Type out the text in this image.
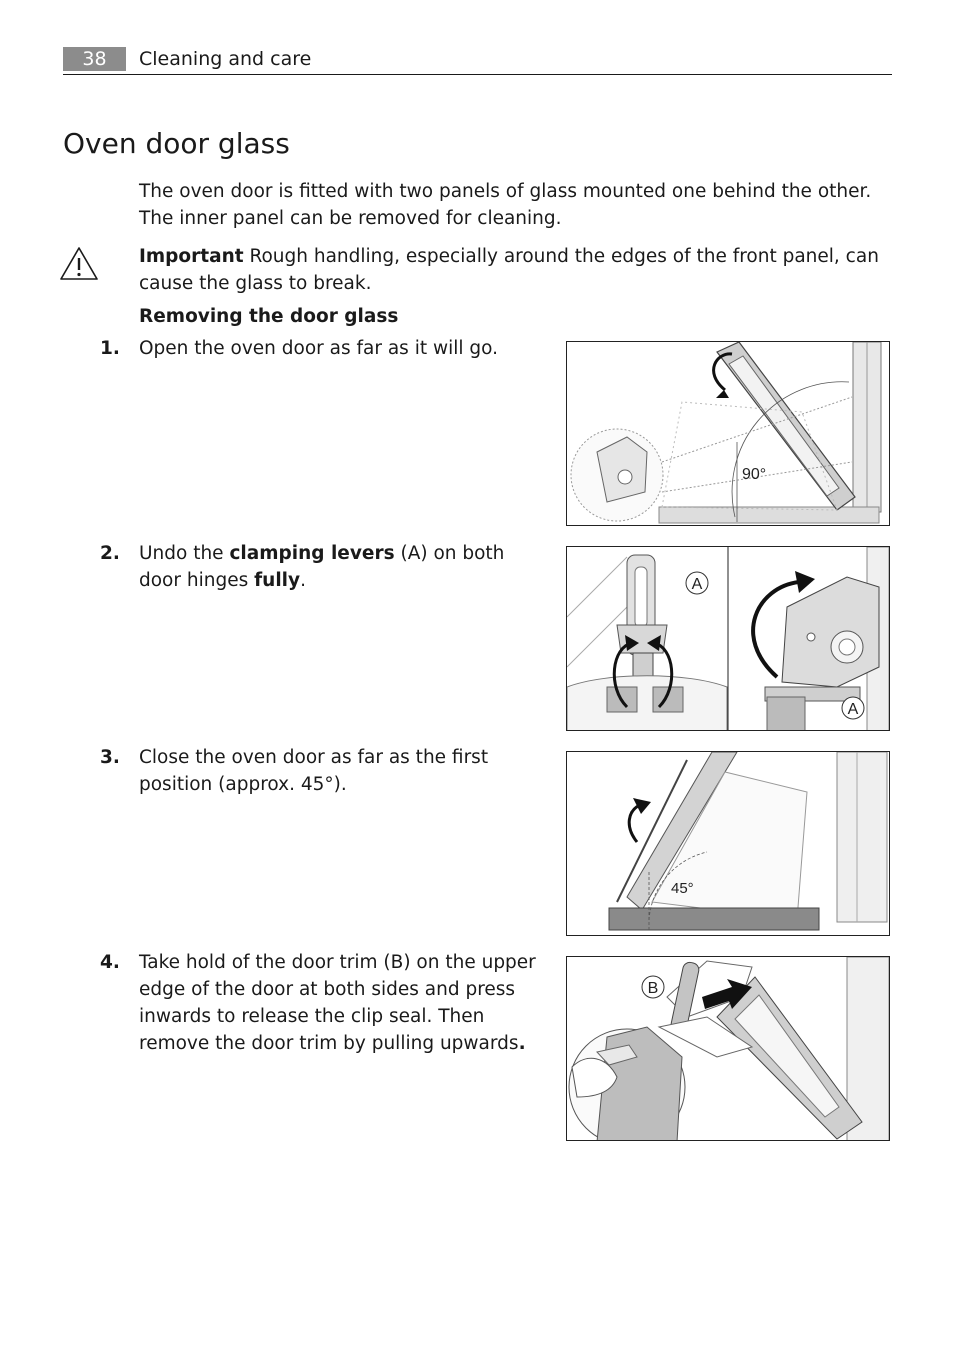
38	Cleaning and care
Oven door glass

The oven door is fitted with two panels of glass mounted one behind the other. The inner panel can be removed for cleaning.

Important Rough handling, especially around the edges of the front panel, can cause the glass to break.

Removing the door glass

1.	Open the oven door as far as it will go.
2.	Undo the clamping levers (A) on both door hinges fully.
3.	Close the oven door as far as the first position (approx. 45°).
4.	Take hold of the door trim (B) on the upper edge of the door at both sides and press inwards to release the clip seal. Then remove the door trim by pulling upwards.
90°
A
A
45°
B
